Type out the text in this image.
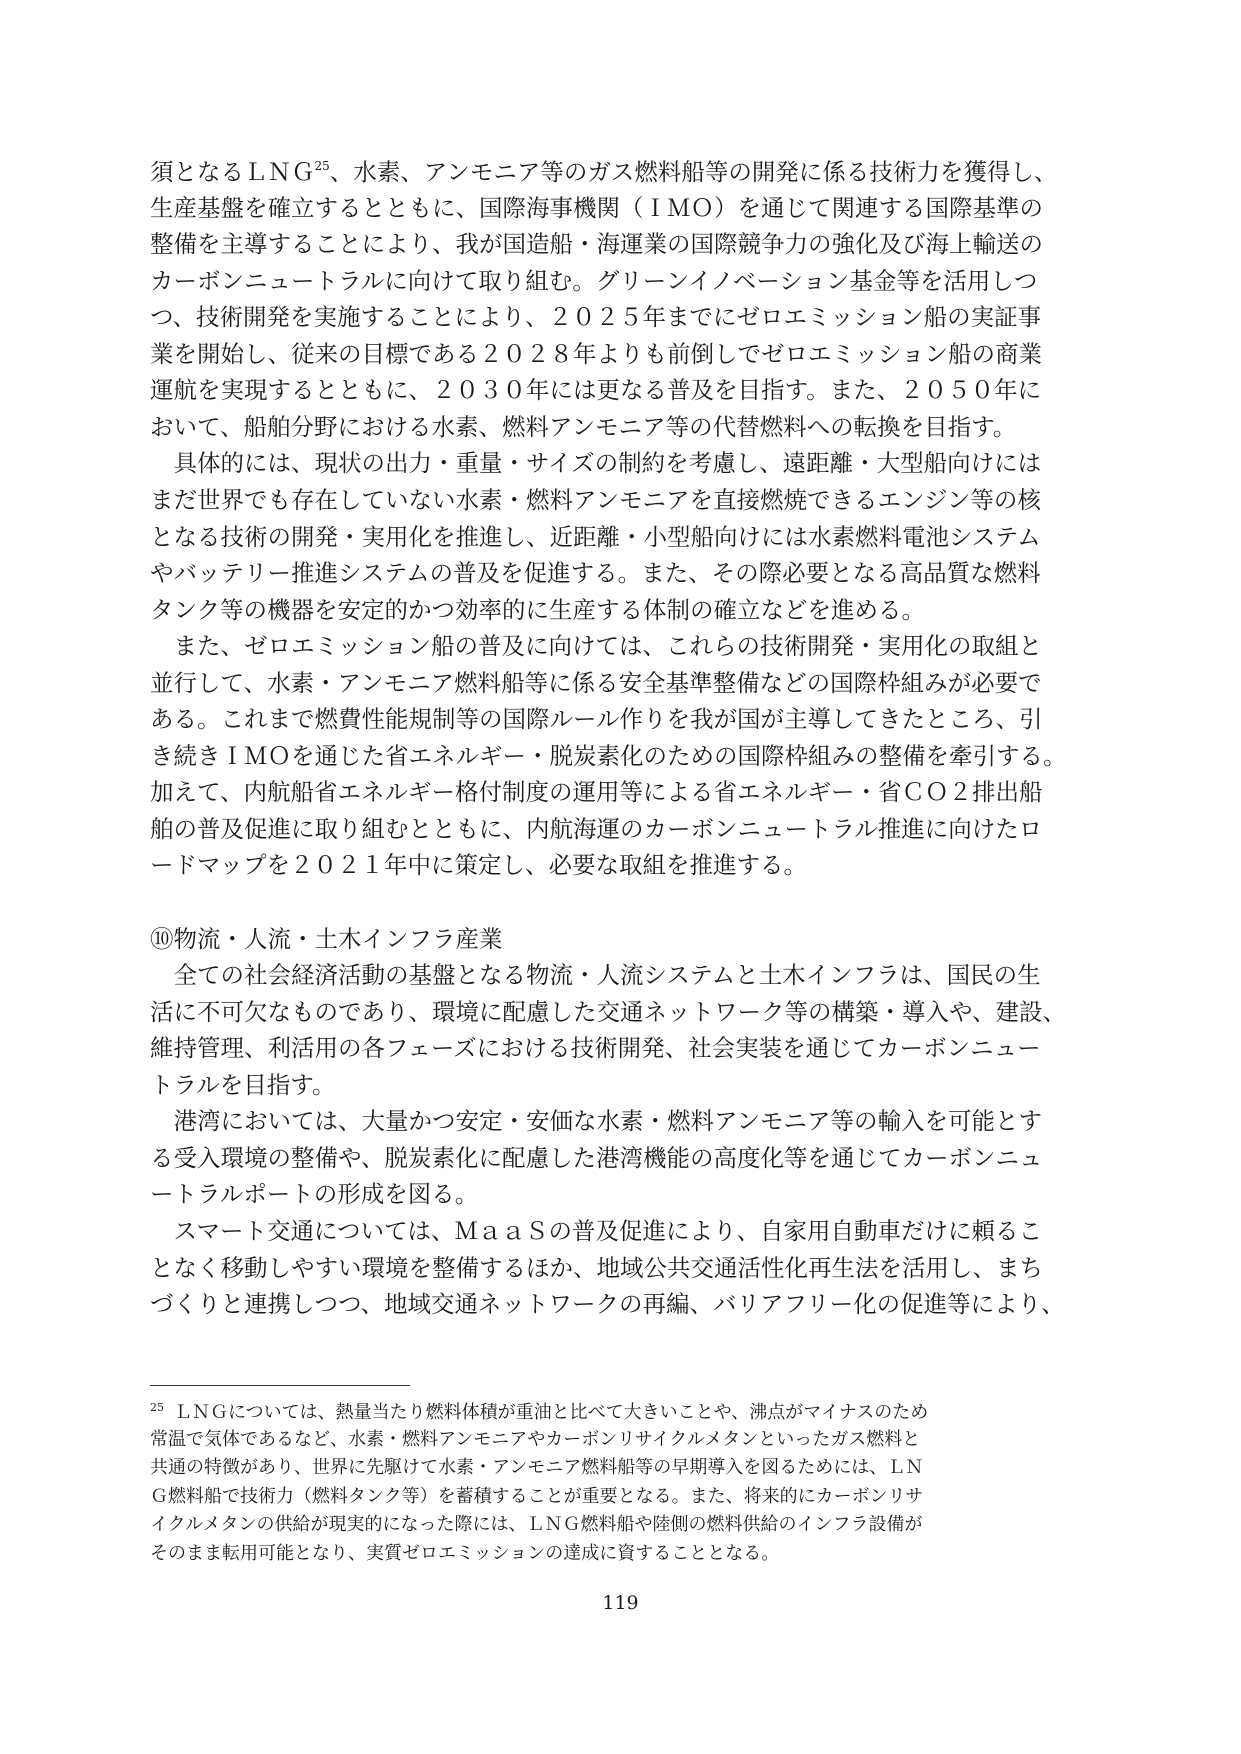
須となるＬＮＧ$^{25}$、水素、アンモニア等のガス燃料船等の開発に係る技術力を獲得し、
生産基盤を確立するとともに、国際海事機関（ＩＭＯ）を通じて関連する国際基準の
整備を主導することにより、我が国造船・海運業の国際競争力の強化及び海上輸送の
カーボンニュートラルに向けて取り組む。グリーンイノベーション基金等を活用しつ
つ、技術開発を実施することにより、２０２５年までにゼロエミッション船の実証事
業を開始し、従来の目標である２０２８年よりも前倒しでゼロエミッション船の商業
運航を実現するとともに、２０３０年には更なる普及を目指す。また、２０５０年に
おいて、船舶分野における水素、燃料アンモニア等の代替燃料への転換を目指す。
　具体的には、現状の出力・重量・サイズの制約を考慮し、遠距離・大型船向けには
まだ世界でも存在していない水素・燃料アンモニアを直接燃焼できるエンジン等の核
となる技術の開発・実用化を推進し、近距離・小型船向けには水素燃料電池システム
やバッテリー推進システムの普及を促進する。また、その際必要となる高品質な燃料
タンク等の機器を安定的かつ効率的に生産する体制の確立などを進める。
　また、ゼロエミッション船の普及に向けては、これらの技術開発・実用化の取組と
並行して、水素・アンモニア燃料船等に係る安全基準整備などの国際枠組みが必要で
ある。これまで燃費性能規制等の国際ルール作りを我が国が主導してきたところ、引
き続きＩＭＯを通じた省エネルギー・脱炭素化のための国際枠組みの整備を牽引する。
加えて、内航船省エネルギー格付制度の運用等による省エネルギー・省ＣＯ２排出船
舶の普及促進に取り組むとともに、内航海運のカーボンニュートラル推進に向けたロ
ードマップを２０２１年中に策定し、必要な取組を推進する。
⑩物流・人流・土木インフラ産業
　全ての社会経済活動の基盤となる物流・人流システムと土木インフラは、国民の生
活に不可欠なものであり、環境に配慮した交通ネットワーク等の構築・導入や、建設、
維持管理、利活用の各フェーズにおける技術開発、社会実装を通じてカーボンニュー
トラルを目指す。
　港湾においては、大量かつ安定・安価な水素・燃料アンモニア等の輸入を可能とす
る受入環境の整備や、脱炭素化に配慮した港湾機能の高度化等を通じてカーボンニュ
ートラルポートの形成を図る。
　スマート交通については、ＭａａＳの普及促進により、自家用自動車だけに頼るこ
となく移動しやすい環境を整備するほか、地域公共交通活性化再生法を活用し、まち
づくりと連携しつつ、地域交通ネットワークの再編、バリアフリー化の促進等により、
$^{25}$ ＬＮＧについては、熱量当たり燃料体積が重油と比べて大きいことや、沸点がマイナスのため
常温で気体であるなど、水素・燃料アンモニアやカーボンリサイクルメタンといったガス燃料と
共通の特徴があり、世界に先駆けて水素・アンモニア燃料船等の早期導入を図るためには、ＬＮ
Ｇ燃料船で技術力（燃料タンク等）を蓄積することが重要となる。また、将来的にカーボンリサ
イクルメタンの供給が現実的になった際には、ＬＮＧ燃料船や陸側の燃料供給のインフラ設備が
そのまま転用可能となり、実質ゼロエミッションの達成に資することとなる。
119
